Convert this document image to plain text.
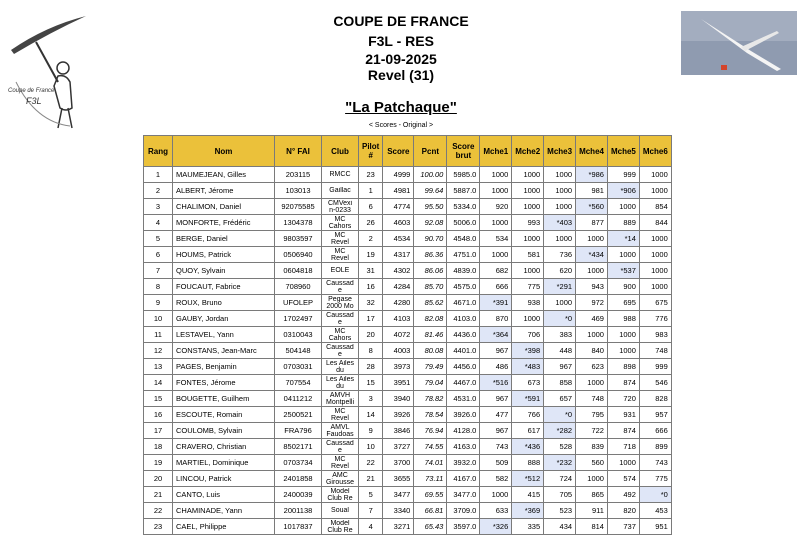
COUPE DE FRANCE
F3L - RES
21-09-2025
Revel (31)
"La Patchaque"
< Scores - Original >
Coupe de France
F3L
Rang	Nom	N° FAI	Club	Pilot #	Score	Pcnt	Score brut	Mche1	Mche2	Mche3	Mche4	Mche5	Mche6
1	MAUMEJEAN, Gilles	203115	RMCC	23	4999	100.00	5985.0	1000	1000	1000	*986	999	1000
2	ALBERT, Jérome	103013	Gaillac	1	4981	99.64	5887.0	1000	1000	1000	981	*906	1000
3	CHALIMON, Daniel	92075585	CMVexi n-0233	6	4774	95.50	5334.0	920	1000	1000	*560	1000	854
4	MONFORTE, Frédéric	1304378	MC Cahors	26	4603	92.08	5006.0	1000	993	*403	877	889	844
5	BERGE, Daniel	9803597	MC Revel	2	4534	90.70	4548.0	534	1000	1000	1000	*14	1000
6	HOUMS, Patrick	0506940	MC Revel	19	4317	86.36	4751.0	1000	581	736	*434	1000	1000
7	QUOY, Sylvain	0604818	EOLE	31	4302	86.06	4839.0	682	1000	620	1000	*537	1000
8	FOUCAUT, Fabrice	708960	Caussad e	16	4284	85.70	4575.0	666	775	*291	943	900	1000
9	ROUX, Bruno	UFOLEP	Pegase 2000 Mo	32	4280	85.62	4671.0	*391	938	1000	972	695	675
10	GAUBY, Jordan	1702497	Caussad e	17	4103	82.08	4103.0	870	1000	*0	469	988	776
11	LESTAVEL, Yann	0310043	MC Cahors	20	4072	81.46	4436.0	*364	706	383	1000	1000	983
12	CONSTANS, Jean-Marc	504148	Caussad e	8	4003	80.08	4401.0	967	*398	448	840	1000	748
13	PAGES, Benjamin	0703031	Les Ailes du	28	3973	79.49	4456.0	486	*483	967	623	898	999
14	FONTES, Jérome	707554	Les Ailes du	15	3951	79.04	4467.0	*516	673	858	1000	874	546
15	BOUGETTE, Guilhem	0411212	AMVH Montpelli	3	3940	78.82	4531.0	967	*591	657	748	720	828
16	ESCOUTE, Romain	2500521	MC Revel	14	3926	78.54	3926.0	477	766	*0	795	931	957
17	COULOMB, Sylvain	FRA796	AMVL Faudoas	9	3846	76.94	4128.0	967	617	*282	722	874	666
18	CRAVERO, Christian	8502171	Caussad e	10	3727	74.55	4163.0	743	*436	528	839	718	899
19	MARTIEL, Dominique	0703734	MC Revel	22	3700	74.01	3932.0	509	888	*232	560	1000	743
20	LINCOU, Patrick	2401858	AMC Girousse	21	3655	73.11	4167.0	582	*512	724	1000	574	775
21	CANTO, Luis	2400039	Model Club Re	5	3477	69.55	3477.0	1000	415	705	865	492	*0
22	CHAMINADE, Yann	2001138	Soual	7	3340	66.81	3709.0	633	*369	523	911	820	453
23	CAEL, Philippe	1017837	Model Club Re	4	3271	65.43	3597.0	*326	335	434	814	737	951
